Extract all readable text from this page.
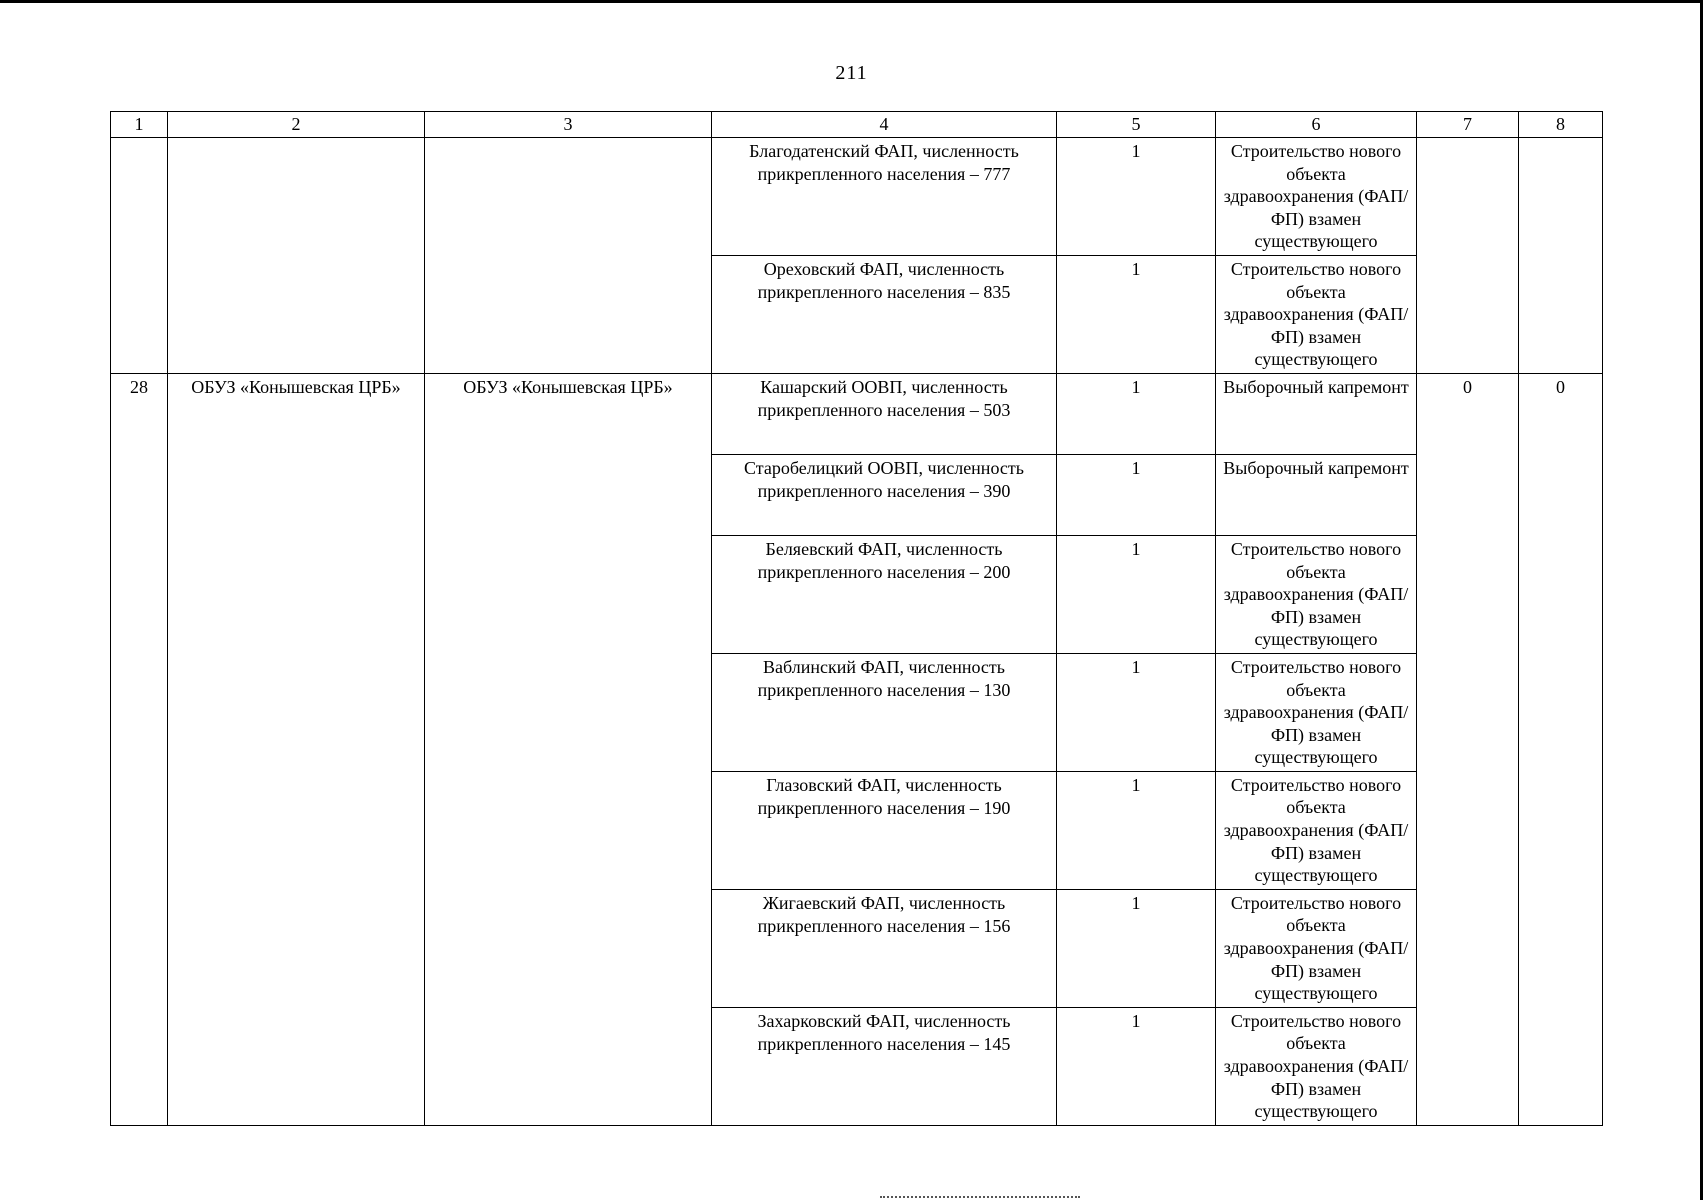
211
1	2	3	4	5	6	7	8
			Благодатенский ФАП, численность прикрепленного населения – 777	1	Строительство нового объекта здравоохранения (ФАП/ФП) взамен существующего		
			Ореховский ФАП, численность прикрепленного населения – 835	1	Строительство нового объекта здравоохранения (ФАП/ФП) взамен существующего		
28	ОБУЗ «Конышевская ЦРБ»	ОБУЗ «Конышевская ЦРБ»	Кашарский ООВП, численность прикрепленного населения – 503	1	Выборочный капремонт	0	0
			Старобелицкий ООВП, численность прикрепленного населения – 390	1	Выборочный капремонт		
			Беляевский ФАП, численность прикрепленного населения – 200	1	Строительство нового объекта здравоохранения (ФАП/ФП) взамен существующего		
			Ваблинский ФАП, численность прикрепленного населения – 130	1	Строительство нового объекта здравоохранения (ФАП/ФП) взамен существующего		
			Глазовский ФАП, численность прикрепленного населения – 190	1	Строительство нового объекта здравоохранения (ФАП/ФП) взамен существующего		
			Жигаевский ФАП, численность прикрепленного населения – 156	1	Строительство нового объекта здравоохранения (ФАП/ФП) взамен существующего		
			Захарковский ФАП, численность прикрепленного населения – 145	1	Строительство нового объекта здравоохранения (ФАП/ФП) взамен существующего		
